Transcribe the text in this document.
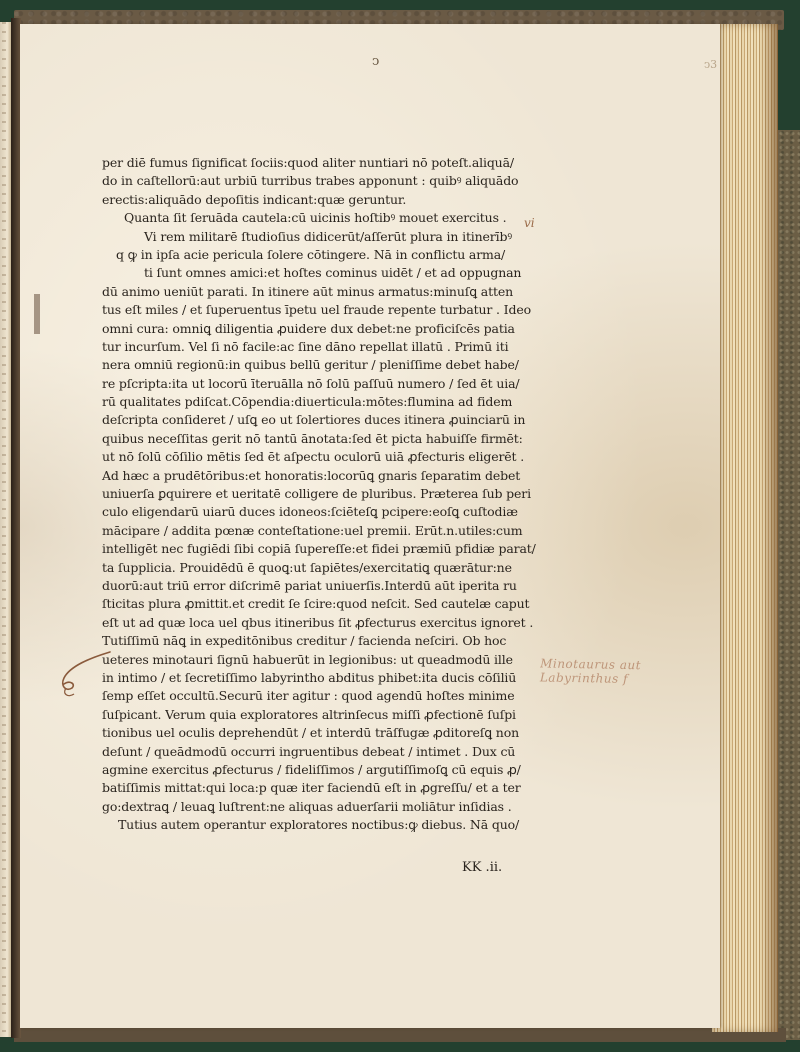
ↄ	ↄ3
per diē fumus ſignificat ſociis:quod aliter nuntiari nō poteſt.aliquā/
do in caſtellorū:aut urbiū turribus trabes apponunt : quibꝰ aliquādo
erectis:aliquādo depoſitis indicant:quæ geruntur.
Quanta ſit ſeruāda cautela:cū uicinis hoſtibꝰ mouet exercitus .
Vi rem militarē ſtudioſius didicerūt/aſſerūt plura in itinerībꝰ
q ꝙ in ipſa acie pericula ſolere cōtingere. Nā in conflictu arma/
ti ſunt omnes amici:et hoſtes cominus uidēt / et ad oppugnan
dū animo ueniūt parati. In itinere aūt minus armatus:minuſꝗ atten
tus eſt miles / et ſuperuentus īpetu uel fraude repente turbatur . Ideo
omni cura: omniꝗ diligentia ꝓuidere dux debet:ne proficiſcēs patia
tur incurſum. Vel ſi nō facile:ac ſine dāno repellat illatū . Primū iti
nera omniū regionū:in quibus bellū geritur / pleniſſime debet habe/
re pſcripta:ita ut locorū īteruālla nō ſolū paſſuū numero / ſed ēt uia/
rū qualitates pdiſcat.Cōpendia:diuerticula:mōtes:flumina ad fidem
deſcripta conſideret / uſꝗ eo ut ſolertiores duces itinera ꝓuinciarū in
quibus neceſſitas gerit nō tantū ānotata:ſed ēt picta habuiſſe firmēt:
ut nō ſolū cōſilio mētis ſed ēt aſpectu oculorū uiā ꝓfecturis eligerēt .
Ad hæc a prudētōribus:et honoratis:locorūꝗ gnaris ſeparatim debet
uniuerſa ꝑquirere et ueritatē colligere de pluribus. Præterea ſub peri
culo eligendarū uiarū duces idoneos:ſciēteſꝗ pcipere:eoſꝗ cuſtodiæ
mācipare / addita pœnæ conteſtatione:uel premii. Erūt.n.utiles:cum
intelligēt nec fugiēdi ſibi copiā ſupereſſe:et fidei præmiū pfidiæ parat/
ta ſupplicia. Prouidēdū ē quoꝗ:ut ſapiētes/exercitatiꝗ quærātur:ne
duorū:aut triū error diſcrimē pariat uniuerſis.Interdū aūt iperita ru
ſticitas plura ꝓmittit.et credit ſe ſcire:quod neſcit. Sed cautelæ caput
eſt ut ad quæ loca uel qbus itineribus ſit ꝓfecturus exercitus ignoret .
Tutiſſimū nāꝗ in expeditōnibus creditur / facienda neſciri. Ob hoc
ueteres minotauri ſignū habuerūt in legionibus: ut queadmodū ille
in intimo / et ſecretiſſimo labyrintho abditus phibet:ita ducis cōſiliū
ſemp eſſet occultū.Securū iter agitur : quod agendū hoſtes minime
ſuſpicant. Verum quia exploratores altrinſecus miſſi ꝓfectionē ſuſpi
tionibus uel oculis deprehendūt / et interdū trāſfugæ ꝓditoreſꝗ non
deſunt / queādmodū occurri ingruentibus debeat / intimet . Dux cū
agmine exercitus ꝓfecturus / fideliſſimos / argutiſſimoſꝗ cū equis ꝓ/
batiſſimis mittat:qui loca:p quæ iter faciendū eſt in ꝓgreſſu/ et a ter
go:dextraꝗ / leuaꝗ luſtrent:ne aliquas aduerſarii moliātur inſidias .
Tutius autem operantur exploratores noctibus:ꝙ diebus. Nā quo/
KK .ii.
vi
Minotaurus aut Labyrinthus f
